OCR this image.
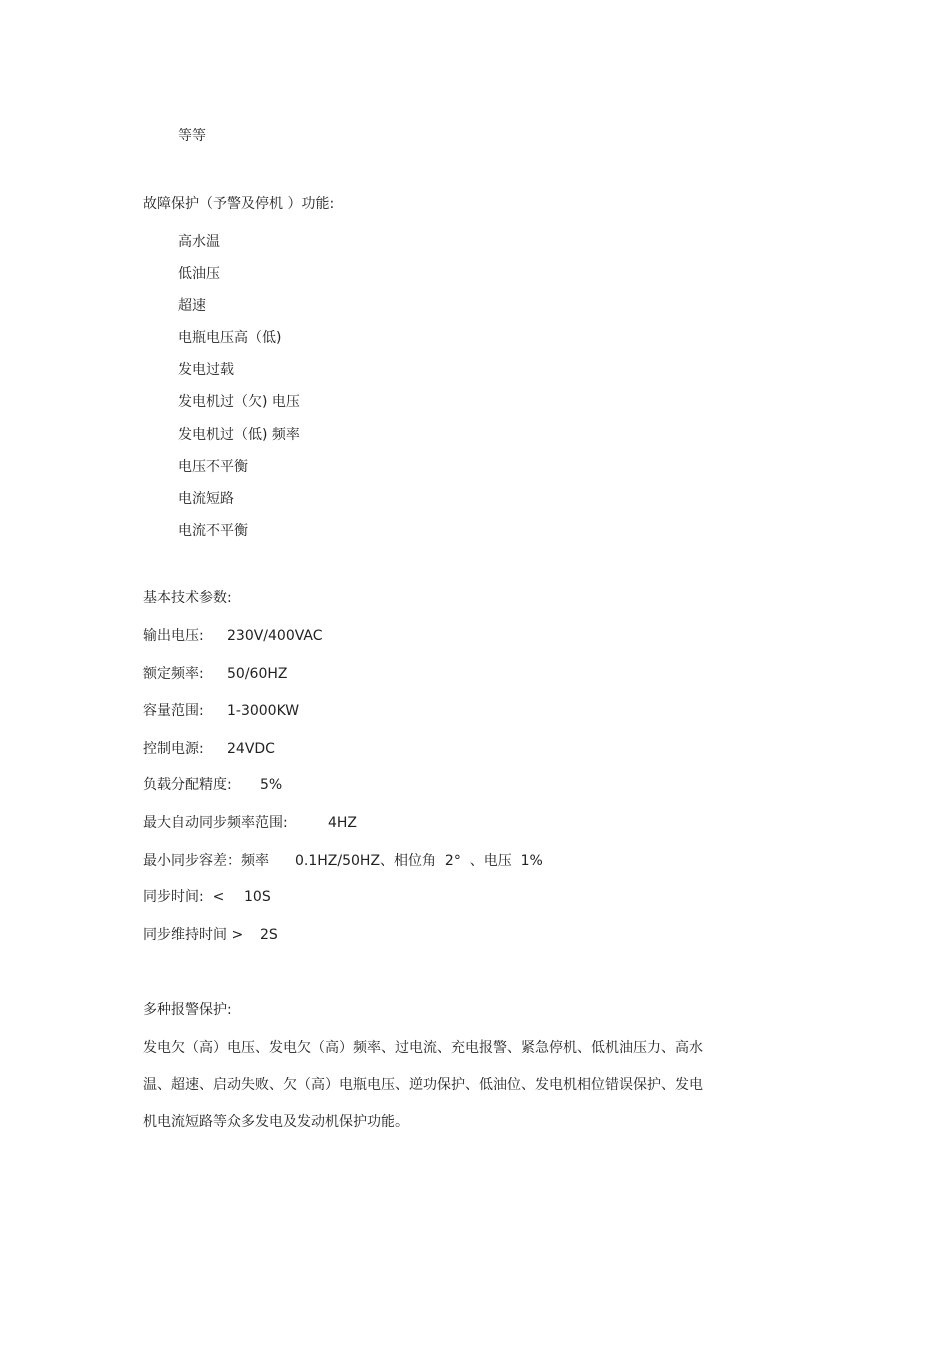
等等
故障保护（予警及停机 ）功能:
高水温
低油压
超速
电瓶电压高（低)
发电过载
发电机过（欠) 电压
发电机过（低) 频率
电压不平衡
电流短路
电流不平衡
基本技术参数:
输出电压: 230V/400VAC
额定频率: 50/60HZ
容量范围: 1-3000KW
控制电源: 24VDC
负载分配精度: 5%
最大自动同步频率范围:	4HZ
最小同步容差：频率 0.1HZ/50HZ、相位角  2°  、电压  1%
同步时间:  < 10S
同步维持时间 > 2S
多种报警保护:
发电欠（高）电压、发电欠（高）频率、过电流、充电报警、紧急停机、低机油压力、高水
温、超速、启动失败、欠（高）电瓶电压、逆功保护、低油位、发电机相位错误保护、发电
机电流短路等众多发电及发动机保护功能。
